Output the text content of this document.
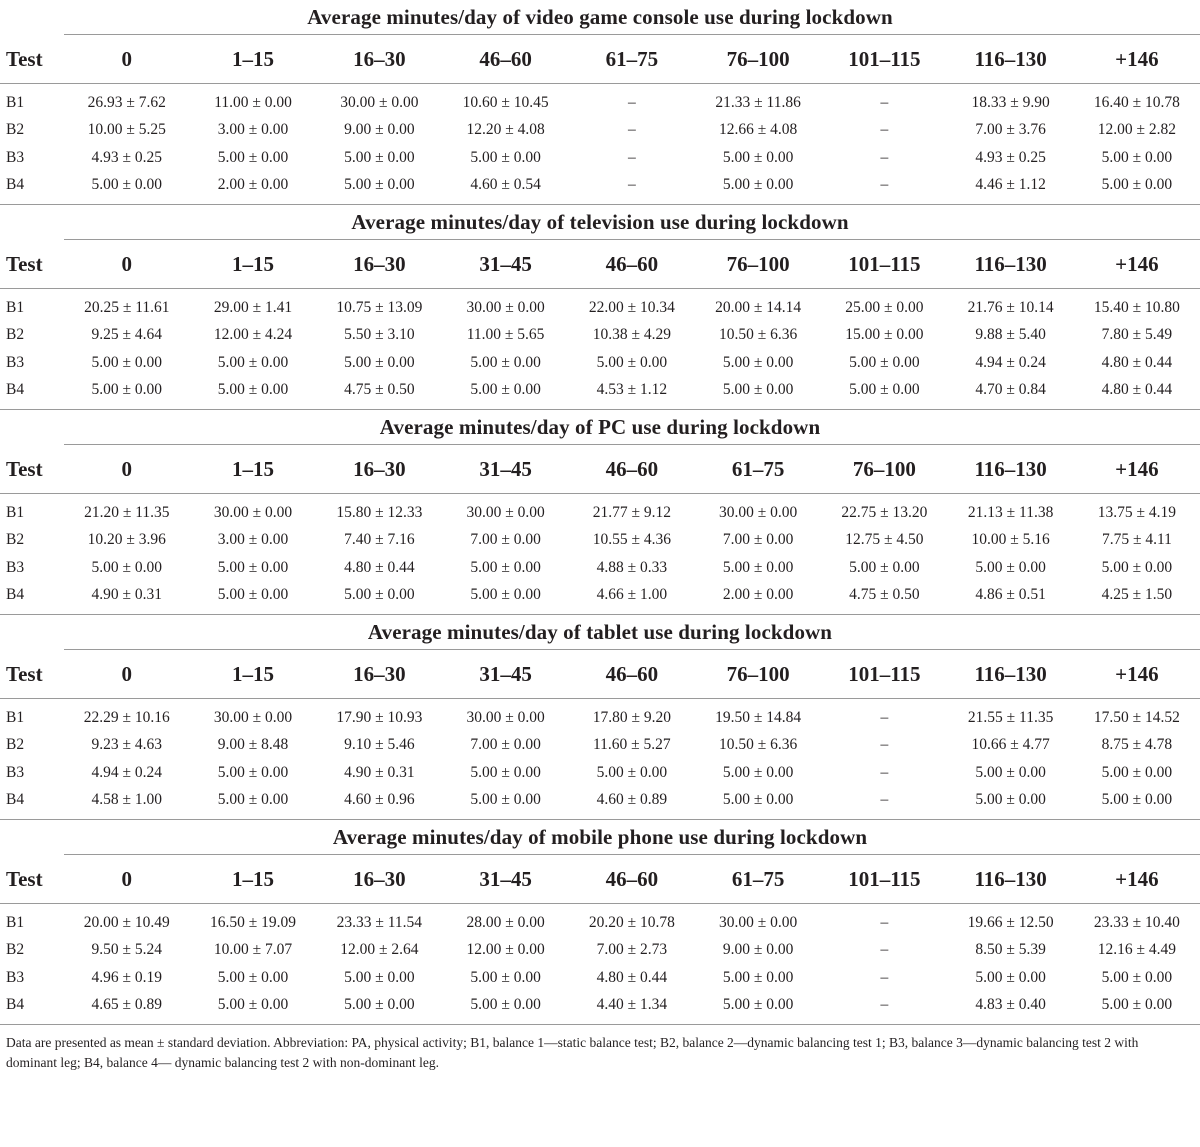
Average minutes/day of video game console use during lockdown
Test	0	1–15	16–30	46–60	61–75	76–100	101–115	116–130	+146
B1	26.93 ± 7.62	11.00 ± 0.00	30.00 ± 0.00	10.60 ± 10.45	–	21.33 ± 11.86	–	18.33 ± 9.90	16.40 ± 10.78
B2	10.00 ± 5.25	3.00 ± 0.00	9.00 ± 0.00	12.20 ± 4.08	–	12.66 ± 4.08	–	7.00 ± 3.76	12.00 ± 2.82
B3	4.93 ± 0.25	5.00 ± 0.00	5.00 ± 0.00	5.00 ± 0.00	–	5.00 ± 0.00	–	4.93 ± 0.25	5.00 ± 0.00
B4	5.00 ± 0.00	2.00 ± 0.00	5.00 ± 0.00	4.60 ± 0.54	–	5.00 ± 0.00	–	4.46 ± 1.12	5.00 ± 0.00
Average minutes/day of television use during lockdown
Test	0	1–15	16–30	31–45	46–60	76–100	101–115	116–130	+146
B1	20.25 ± 11.61	29.00 ± 1.41	10.75 ± 13.09	30.00 ± 0.00	22.00 ± 10.34	20.00 ± 14.14	25.00 ± 0.00	21.76 ± 10.14	15.40 ± 10.80
B2	9.25 ± 4.64	12.00 ± 4.24	5.50 ± 3.10	11.00 ± 5.65	10.38 ± 4.29	10.50 ± 6.36	15.00 ± 0.00	9.88 ± 5.40	7.80 ± 5.49
B3	5.00 ± 0.00	5.00 ± 0.00	5.00 ± 0.00	5.00 ± 0.00	5.00 ± 0.00	5.00 ± 0.00	5.00 ± 0.00	4.94 ± 0.24	4.80 ± 0.44
B4	5.00 ± 0.00	5.00 ± 0.00	4.75 ± 0.50	5.00 ± 0.00	4.53 ± 1.12	5.00 ± 0.00	5.00 ± 0.00	4.70 ± 0.84	4.80 ± 0.44
Average minutes/day of PC use during lockdown
Test	0	1–15	16–30	31–45	46–60	61–75	76–100	116–130	+146
B1	21.20 ± 11.35	30.00 ± 0.00	15.80 ± 12.33	30.00 ± 0.00	21.77 ± 9.12	30.00 ± 0.00	22.75 ± 13.20	21.13 ± 11.38	13.75 ± 4.19
B2	10.20 ± 3.96	3.00 ± 0.00	7.40 ± 7.16	7.00 ± 0.00	10.55 ± 4.36	7.00 ± 0.00	12.75 ± 4.50	10.00 ± 5.16	7.75 ± 4.11
B3	5.00 ± 0.00	5.00 ± 0.00	4.80 ± 0.44	5.00 ± 0.00	4.88 ± 0.33	5.00 ± 0.00	5.00 ± 0.00	5.00 ± 0.00	5.00 ± 0.00
B4	4.90 ± 0.31	5.00 ± 0.00	5.00 ± 0.00	5.00 ± 0.00	4.66 ± 1.00	2.00 ± 0.00	4.75 ± 0.50	4.86 ± 0.51	4.25 ± 1.50
Average minutes/day of tablet use during lockdown
Test	0	1–15	16–30	31–45	46–60	76–100	101–115	116–130	+146
B1	22.29 ± 10.16	30.00 ± 0.00	17.90 ± 10.93	30.00 ± 0.00	17.80 ± 9.20	19.50 ± 14.84	–	21.55 ± 11.35	17.50 ± 14.52
B2	9.23 ± 4.63	9.00 ± 8.48	9.10 ± 5.46	7.00 ± 0.00	11.60 ± 5.27	10.50 ± 6.36	–	10.66 ± 4.77	8.75 ± 4.78
B3	4.94 ± 0.24	5.00 ± 0.00	4.90 ± 0.31	5.00 ± 0.00	5.00 ± 0.00	5.00 ± 0.00	–	5.00 ± 0.00	5.00 ± 0.00
B4	4.58 ± 1.00	5.00 ± 0.00	4.60 ± 0.96	5.00 ± 0.00	4.60 ± 0.89	5.00 ± 0.00	–	5.00 ± 0.00	5.00 ± 0.00
Average minutes/day of mobile phone use during lockdown
Test	0	1–15	16–30	31–45	46–60	61–75	101–115	116–130	+146
B1	20.00 ± 10.49	16.50 ± 19.09	23.33 ± 11.54	28.00 ± 0.00	20.20 ± 10.78	30.00 ± 0.00	–	19.66 ± 12.50	23.33 ± 10.40
B2	9.50 ± 5.24	10.00 ± 7.07	12.00 ± 2.64	12.00 ± 0.00	7.00 ± 2.73	9.00 ± 0.00	–	8.50 ± 5.39	12.16 ± 4.49
B3	4.96 ± 0.19	5.00 ± 0.00	5.00 ± 0.00	5.00 ± 0.00	4.80 ± 0.44	5.00 ± 0.00	–	5.00 ± 0.00	5.00 ± 0.00
B4	4.65 ± 0.89	5.00 ± 0.00	5.00 ± 0.00	5.00 ± 0.00	4.40 ± 1.34	5.00 ± 0.00	–	4.83 ± 0.40	5.00 ± 0.00
Data are presented as mean ± standard deviation. Abbreviation: PA, physical activity; B1, balance 1—static balance test; B2, balance 2—dynamic balancing test 1; B3, balance 3—dynamic balancing test 2 with dominant leg; B4, balance 4— dynamic balancing test 2 with non-dominant leg.
